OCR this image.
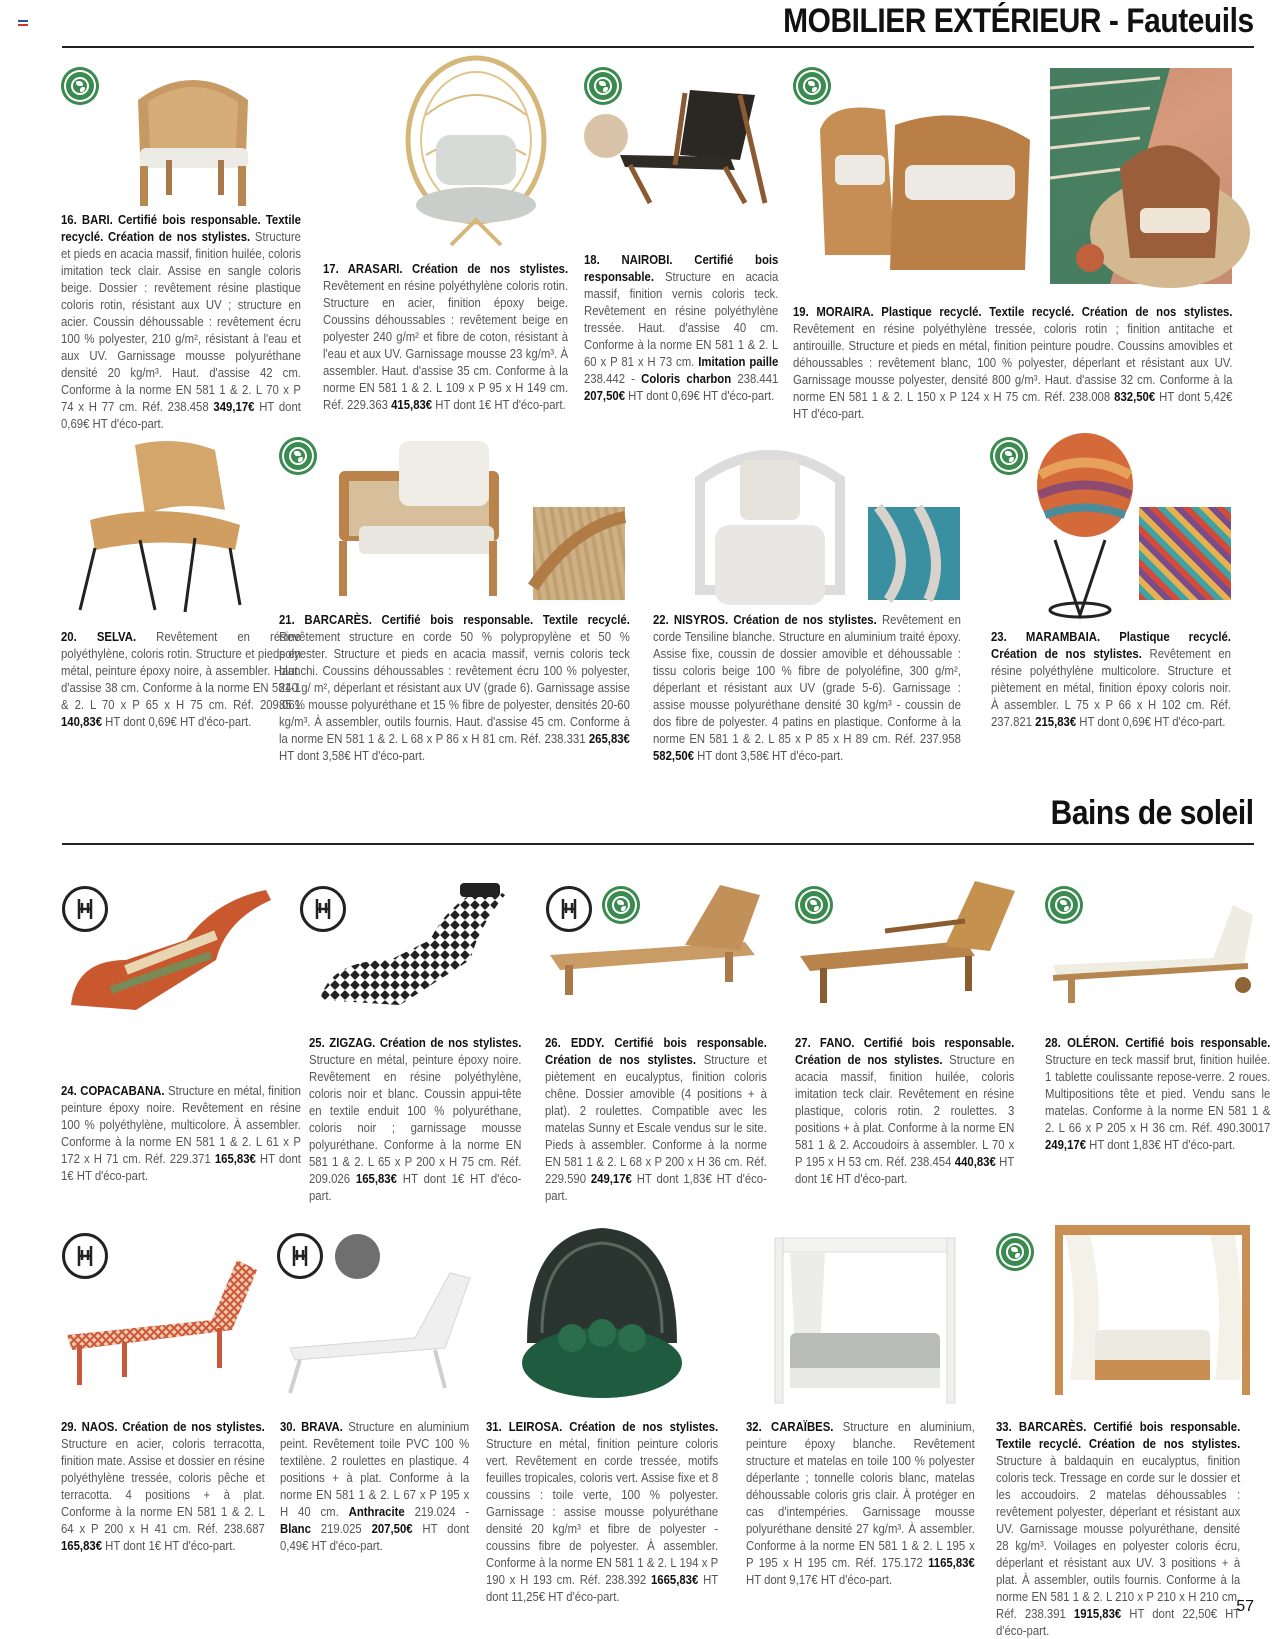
MOBILIER EXTÉRIEUR - Fauteuils
16. BARI. Certifié bois responsable. Textile recyclé. Création de nos stylistes. Structure et pieds en acacia massif, finition huilée, coloris imitation teck clair. Assise en sangle coloris beige. Dossier : revêtement résine plastique coloris rotin, résistant aux UV ; structure en acier. Coussin déhoussable : revêtement écru 100 % polyester, 210 g/m², résistant à l'eau et aux UV. Garnissage mousse polyuréthane densité 20 kg/m³. Haut. d'assise 42 cm. Conforme à la norme EN 581 1 & 2. L 70 x P 74 x H 77 cm. Réf. 238.458 349,17€ HT dont 0,69€ HT d'éco-part.
17. ARASARI. Création de nos stylistes. Revêtement en résine polyéthylène coloris rotin. Structure en acier, finition époxy beige. Coussins déhoussables : revêtement beige en polyester 240 g/m² et fibre de coton, résistant à l'eau et aux UV. Garnissage mousse 23 kg/m³. À assembler. Haut. d'assise 35 cm. Conforme à la norme EN 581 1 & 2. L 109 x P 95 x H 149 cm. Réf. 229.363 415,83€ HT dont 1€ HT d'éco-part.
18. NAIROBI. Certifié bois responsable. Structure en acacia massif, finition vernis coloris teck. Revêtement en résine polyéthylène tressée. Haut. d'assise 40 cm. Conforme à la norme EN 581 1 & 2. L 60 x P 81 x H 73 cm. Imitation paille 238.442 - Coloris charbon 238.441 207,50€ HT dont 0,69€ HT d'éco-part.
19. MORAIRA. Plastique recyclé. Textile recyclé. Création de nos stylistes. Revêtement en résine polyéthylène tressée, coloris rotin ; finition antitache et antirouille. Structure et pieds en métal, finition peinture poudre. Coussins amovibles et déhoussables : revêtement blanc, 100 % polyester, déperlant et résistant aux UV. Garnissage mousse polyester, densité 800 g/m³. Haut. d'assise 32 cm. Conforme à la norme EN 581 1 & 2. L 150 x P 124 x H 75 cm. Réf. 238.008 832,50€ HT dont 5,42€ HT d'éco-part.
20. SELVA. Revêtement en résine polyéthylène, coloris rotin. Structure et pieds en métal, peinture époxy noire, à assembler. Haut. d'assise 38 cm. Conforme à la norme EN 581-1 & 2. L 70 x P 65 x H 75 cm. Réf. 209.061 140,83€ HT dont 0,69€ HT d'éco-part.
21. BARCARÈS. Certifié bois responsable. Textile recyclé. Revêtement structure en corde 50 % polypropylène et 50 % polyester. Structure et pieds en acacia massif, vernis coloris teck blanchi. Coussins déhoussables : revêtement écru 100 % polyester, 240 g/ m², déperlant et résistant aux UV (grade 6). Garnissage assise 85 % mousse polyuréthane et 15 % fibre de polyester, densités 20-60 kg/m³. À assembler, outils fournis. Haut. d'assise 45 cm. Conforme à la norme EN 581 1 & 2. L 68 x P 86 x H 81 cm. Réf. 238.331 265,83€ HT dont 3,58€ HT d'éco-part.
22. NISYROS. Création de nos stylistes. Revêtement en corde Tensiline blanche. Structure en aluminium traité époxy. Assise fixe, coussin de dossier amovible et déhoussable : tissu coloris beige 100 % fibre de polyoléfine, 300 g/m², déperlant et résistant aux UV (grade 5-6). Garnissage : assise mousse polyuréthane densité 30 kg/m³ - coussin de dos fibre de polyester. 4 patins en plastique. Conforme à la norme EN 581 1 & 2. L 85 x P 85 x H 89 cm. Réf. 237.958 582,50€ HT dont 3,58€ HT d'éco-part.
23. MARAMBAIA. Plastique recyclé. Création de nos stylistes. Revêtement en résine polyéthylène multicolore. Structure et piètement en métal, finition époxy coloris noir. À assembler. L 75 x P 66 x H 102 cm. Réf. 237.821 215,83€ HT dont 0,69€ HT d'éco-part.
Bains de soleil
24. COPACABANA. Structure en métal, finition peinture époxy noire. Revêtement en résine 100 % polyéthylène, multicolore. À assembler. Conforme à la norme EN 581 1 & 2. L 61 x P 172 x H 71 cm. Réf. 229.371 165,83€ HT dont 1€ HT d'éco-part.
25. ZIGZAG. Création de nos stylistes. Structure en métal, peinture époxy noire. Revêtement en résine polyéthylène, coloris noir et blanc. Coussin appui-tête en textile enduit 100 % polyuréthane, coloris noir ; garnissage mousse polyuréthane. Conforme à la norme EN 581 1 & 2. L 65 x P 200 x H 75 cm. Réf. 209.026 165,83€ HT dont 1€ HT d'éco-part.
26. EDDY. Certifié bois responsable. Création de nos stylistes. Structure et piètement en eucalyptus, finition coloris chêne. Dossier amovible (4 positions + à plat). 2 roulettes. Compatible avec les matelas Sunny et Escale vendus sur le site. Pieds à assembler. Conforme à la norme EN 581 1 & 2. L 68 x P 200 x H 36 cm. Réf. 229.590 249,17€ HT dont 1,83€ HT d'éco-part.
27. FANO. Certifié bois responsable. Création de nos stylistes. Structure en acacia massif, finition huilée, coloris imitation teck clair. Revêtement en résine plastique, coloris rotin. 2 roulettes. 3 positions + à plat. Conforme à la norme EN 581 1 & 2. Accoudoirs à assembler. L 70 x P 195 x H 53 cm. Réf. 238.454 440,83€ HT dont 1€ HT d'éco-part.
28. OLÉRON. Certifié bois responsable. Structure en teck massif brut, finition huilée. 1 tablette coulissante repose-verre. 2 roues. Multipositions tête et pied. Vendu sans le matelas. Conforme à la norme EN 581 1 & 2. L 66 x P 205 x H 36 cm. Réf. 490.30017 249,17€ HT dont 1,83€ HT d'éco-part.
29. NAOS. Création de nos stylistes. Structure en acier, coloris terracotta, finition mate. Assise et dossier en résine polyéthylène tressée, coloris pêche et terracotta. 4 positions + à plat. Conforme à la norme EN 581 1 & 2. L 64 x P 200 x H 41 cm. Réf. 238.687 165,83€ HT dont 1€ HT d'éco-part.
30. BRAVA. Structure en aluminium peint. Revêtement toile PVC 100 % textilène. 2 roulettes en plastique. 4 positions + à plat. Conforme à la norme EN 581 1 & 2. L 67 x P 195 x H 40 cm. Anthracite 219.024 - Blanc 219.025 207,50€ HT dont 0,49€ HT d'éco-part.
31. LEIROSA. Création de nos stylistes. Structure en métal, finition peinture coloris vert. Revêtement en corde tressée, motifs feuilles tropicales, coloris vert. Assise fixe et 8 coussins : toile verte, 100 % polyester. Garnissage : assise mousse polyuréthane densité 20 kg/m³ et fibre de polyester - coussins fibre de polyester. À assembler. Conforme à la norme EN 581 1 & 2. L 194 x P 190 x H 193 cm. Réf. 238.392 1665,83€ HT dont 11,25€ HT d'éco-part.
32. CARAÏBES. Structure en aluminium, peinture époxy blanche. Revêtement structure et matelas en toile 100 % polyester déperlante ; tonnelle coloris blanc, matelas déhoussable coloris gris clair. À protéger en cas d'intempéries. Garnissage mousse polyuréthane densité 27 kg/m³. À assembler. Conforme à la norme EN 581 1 & 2. L 195 x P 195 x H 195 cm. Réf. 175.172 1165,83€ HT dont 9,17€ HT d'éco-part.
33. BARCARÈS. Certifié bois responsable. Textile recyclé. Création de nos stylistes. Structure à baldaquin en eucalyptus, finition coloris teck. Tressage en corde sur le dossier et les accoudoirs. 2 matelas déhoussables : revêtement polyester, déperlant et résistant aux UV. Garnissage mousse polyuréthane, densité 28 kg/m³. Voilages en polyester coloris écru, déperlant et résistant aux UV. 3 positions + à plat. À assembler, outils fournis. Conforme à la norme EN 581 1 & 2. L 210 x P 210 x H 210 cm. Réf. 238.391 1915,83€ HT dont 22,50€ HT d'éco-part.
57
